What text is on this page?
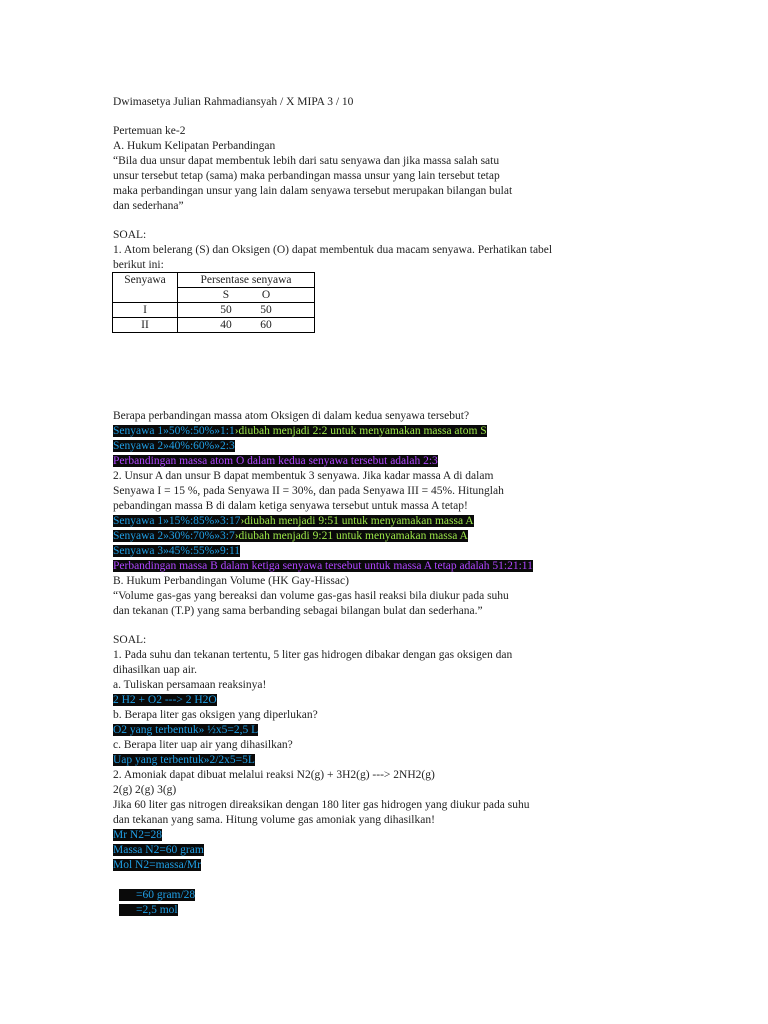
Dwimasetya Julian Rahmadiansyah / X MIPA 3 / 10
Pertemuan ke-2
A. Hukum Kelipatan Perbandingan
“Bila dua unsur dapat membentuk lebih dari satu senyawa dan jika massa salah satu
unsur tersebut tetap (sama) maka perbandingan massa unsur yang lain tersebut tetap
maka perbandingan unsur yang lain dalam senyawa tersebut merupakan bilangan bulat
dan sederhana”
SOAL:
1. Atom belerang (S) dan Oksigen (O) dapat membentuk dua macam senyawa. Perhatikan tabel
berikut ini:
Senyawa	Persentase senyawa
	S O
I	50 50
II	40 60
Berapa perbandingan massa atom Oksigen di dalam kedua senyawa tersebut?
Senyawa 1»50%:50%»1:1›diubah menjadi 2:2 untuk menyamakan massa atom S
Senyawa 2»40%:60%»2:3
Perbandingan massa atom O dalam kedua senyawa tersebut adalah 2:3
2. Unsur A dan unsur B dapat membentuk 3 senyawa. Jika kadar massa A di dalam
Senyawa I = 15 %, pada Senyawa II = 30%, dan pada Senyawa III = 45%. Hitunglah
pebandingan massa B di dalam ketiga senyawa tersebut untuk massa A tetap!
Senyawa 1»15%:85%»3:17›diubah menjadi 9:51 untuk menyamakan massa A
Senyawa 2»30%:70%»3:7›diubah menjadi 9:21 untuk menyamakan massa A
Senyawa 3»45%:55%»9:11
Perbandingan massa B dalam ketiga senyawa tersebut untuk massa A tetap adalah 51:21:11
B. Hukum Perbandingan Volume (HK Gay-Hissac)
“Volume gas-gas yang bereaksi dan volume gas-gas hasil reaksi bila diukur pada suhu
dan tekanan (T.P) yang sama berbanding sebagai bilangan bulat dan sederhana.”
SOAL:
1. Pada suhu dan tekanan tertentu, 5 liter gas hidrogen dibakar dengan gas oksigen dan
dihasilkan uap air.
a. Tuliskan persamaan reaksinya!
2 H2 + O2 ---> 2 H2O
b. Berapa liter gas oksigen yang diperlukan?
O2 yang terbentuk» ½x5=2,5 L
c. Berapa liter uap air yang dihasilkan?
Uap yang terbentuk»2/2x5=5L
2. Amoniak dapat dibuat melalui reaksi N2(g) + 3H2(g) ---> 2NH2(g)
2(g) 2(g) 3(g)
Jika 60 liter gas nitrogen direaksikan dengan 180 liter gas hidrogen yang diukur pada suhu
dan tekanan yang sama. Hitung volume gas amoniak yang dihasilkan!
Mr N2=28
Massa N2=60 gram
Mol N2=massa/Mr

=60 gram/28

=2,5 mol
